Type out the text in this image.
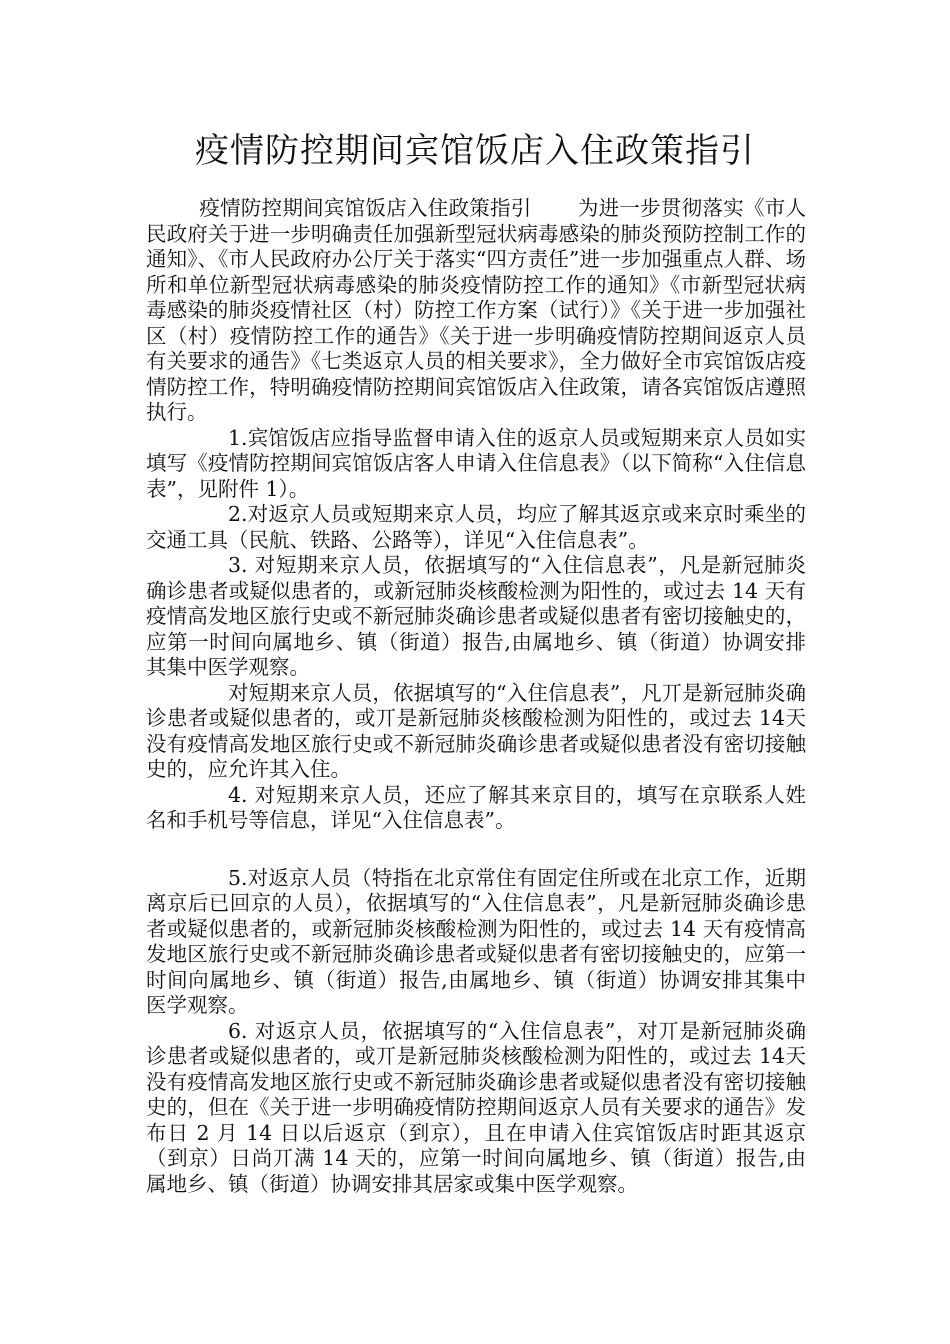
疫情防控期间宾馆饭店入住政策指引

疫情防控期间宾馆饭店入住政策指引 为进一步贯彻落实《市人民政府关于进一步明确责任加强新型冠状病毒感染的肺炎预防控制工作的通知》、《市人民政府办公厅关于落实“四方责任”进一步加强重点人群、场所和单位新型冠状病毒感染的肺炎疫情防控工作的通知》《市新型冠状病毒感染的肺炎疫情社区（村）防控工作方案（试行）》《关于进一步加强社区（村）疫情防控工作的通告》《关于进一步明确疫情防控期间返京人员有关要求的通告》《七类返京人员的相关要求》，全力做好全市宾馆饭店疫情防控工作，特明确疫情防控期间宾馆饭店入住政策，请各宾馆饭店遵照执行。

1.宾馆饭店应指导监督申请入住的返京人员或短期来京人员如实填写《疫情防控期间宾馆饭店客人申请入住信息表》（以下简称“入住信息表”，见附件 1）。

2.对返京人员或短期来京人员，均应了解其返京或来京时乘坐的交通工具（民航、铁路、公路等），详见“入住信息表”。

3. 对短期来京人员，依据填写的“入住信息表”，凡是新冠肺炎确诊患者或疑似患者的，或新冠肺炎核酸检测为阳性的，或过去 14 天有疫情高发地区旅行史或不新冠肺炎确诊患者或疑似患者有密切接触史的，应第一时间向属地乡、镇（街道）报告,由属地乡、镇（街道）协调安排其集中医学观察。

对短期来京人员，依据填写的“入住信息表”，凡丌是新冠肺炎确诊患者或疑似患者的，或丌是新冠肺炎核酸检测为阳性的，或过去 14天没有疫情高发地区旅行史或不新冠肺炎确诊患者或疑似患者没有密切接触史的，应允许其入住。

4. 对短期来京人员，还应了解其来京目的，填写在京联系人姓名和手机号等信息，详见“入住信息表”。

5.对返京人员（特指在北京常住有固定住所或在北京工作，近期离京后已回京的人员），依据填写的“入住信息表”，凡是新冠肺炎确诊患者或疑似患者的，或新冠肺炎核酸检测为阳性的，或过去 14 天有疫情高发地区旅行史或不新冠肺炎确诊患者或疑似患者有密切接触史的，应第一时间向属地乡、镇（街道）报告,由属地乡、镇（街道）协调安排其集中医学观察。

6. 对返京人员，依据填写的“入住信息表”，对丌是新冠肺炎确诊患者或疑似患者的，或丌是新冠肺炎核酸检测为阳性的，或过去 14天没有疫情高发地区旅行史或不新冠肺炎确诊患者或疑似患者没有密切接触史的，但在《关于进一步明确疫情防控期间返京人员有关要求的通告》发布日 2 月 14 日以后返京（到京），且在申请入住宾馆饭店时距其返京（到京）日尚丌满 14 天的，应第一时间向属地乡、镇（街道）报告,由属地乡、镇（街道）协调安排其居家或集中医学观察。
